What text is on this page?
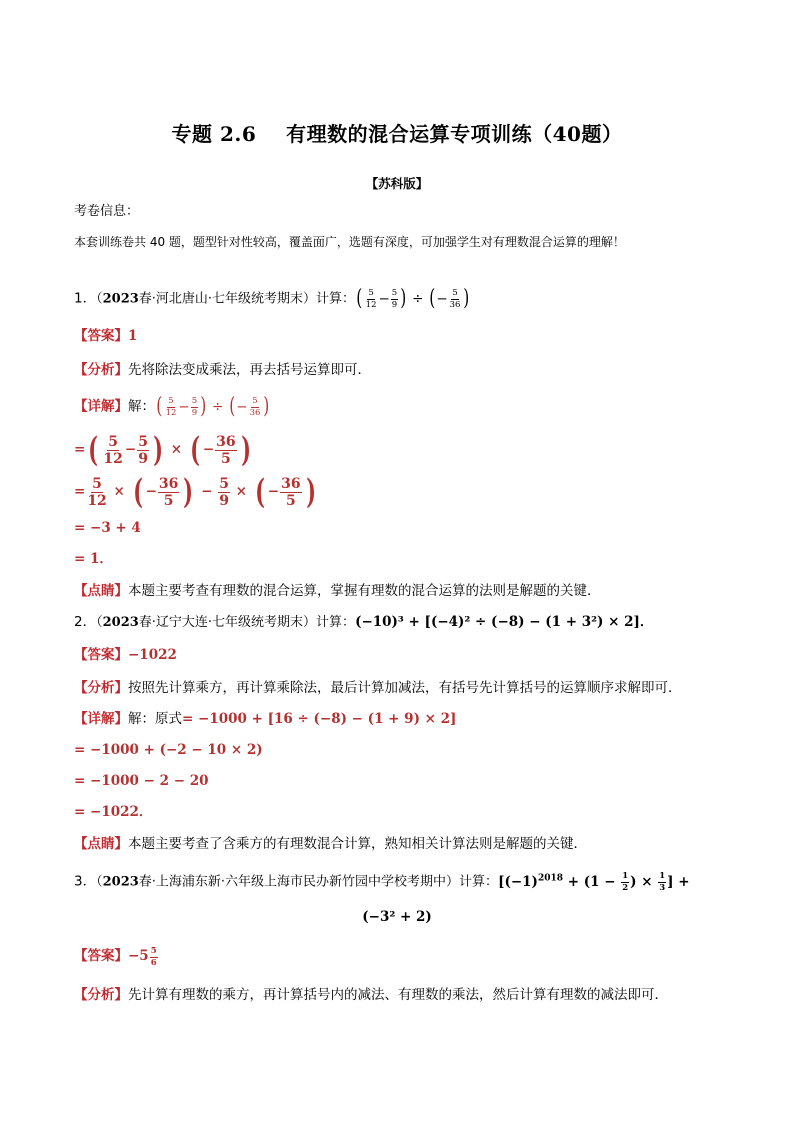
专题 2.6 有理数的混合运算专项训练（40题）
【苏科版】
考卷信息：
本套训练卷共 40 题，题型针对性较高，覆盖面广，选题有深度，可加强学生对有理数混合运算的理解！
1．（2023春·河北唐山·七年级统考期末）计算：( $\frac{5}{12} - \frac{5}{9}$ ) ÷ (− $\frac{5}{36}$ )
【答案】1
【分析】先将除法变成乘法，再去括号运算即可．
【详解】解：( $\frac{5}{12} - \frac{5}{9}$ ) ÷ (− $\frac{5}{36}$ )
=( $\frac{5}{12} - \frac{5}{9}$ ) × ( − $\frac{36}{5}$ )
= $\frac{5}{12}$ × ( − $\frac{36}{5}$ ) − $\frac{5}{9}$ × ( − $\frac{36}{5}$ )
= −3 + 4
= 1．
【点睛】本题主要考查有理数的混合运算，掌握有理数的混合运算的法则是解题的关键．
2．（2023春·辽宁大连·七年级统考期末）计算：(−10)³ + [(−4)² ÷ (−8) − (1 + 3²) × 2]．
【答案】−1022
【分析】按照先计算乘方，再计算乘除法，最后计算加减法，有括号先计算括号的运算顺序求解即可．
【详解】解：原式= −1000 + [16 ÷ (−8) − (1 + 9) × 2]
= −1000 + (−2 − 10 × 2)
= −1000 − 2 − 20
= −1022．
【点睛】本题主要考查了含乘方的有理数混合计算，熟知相关计算法则是解题的关键．
3．（2023春·上海浦东新·六年级上海市民办新竹园中学校考期中）计算：[$(-1)^{2018} + (1 - \frac{1}{2}$ ) × $\frac{1}{3}$ ] +
(−3² + 2)
【答案】$-5 \frac{5}{6}$
【分析】先计算有理数的乘方，再计算括号内的减法、有理数的乘法，然后计算有理数的减法即可．
